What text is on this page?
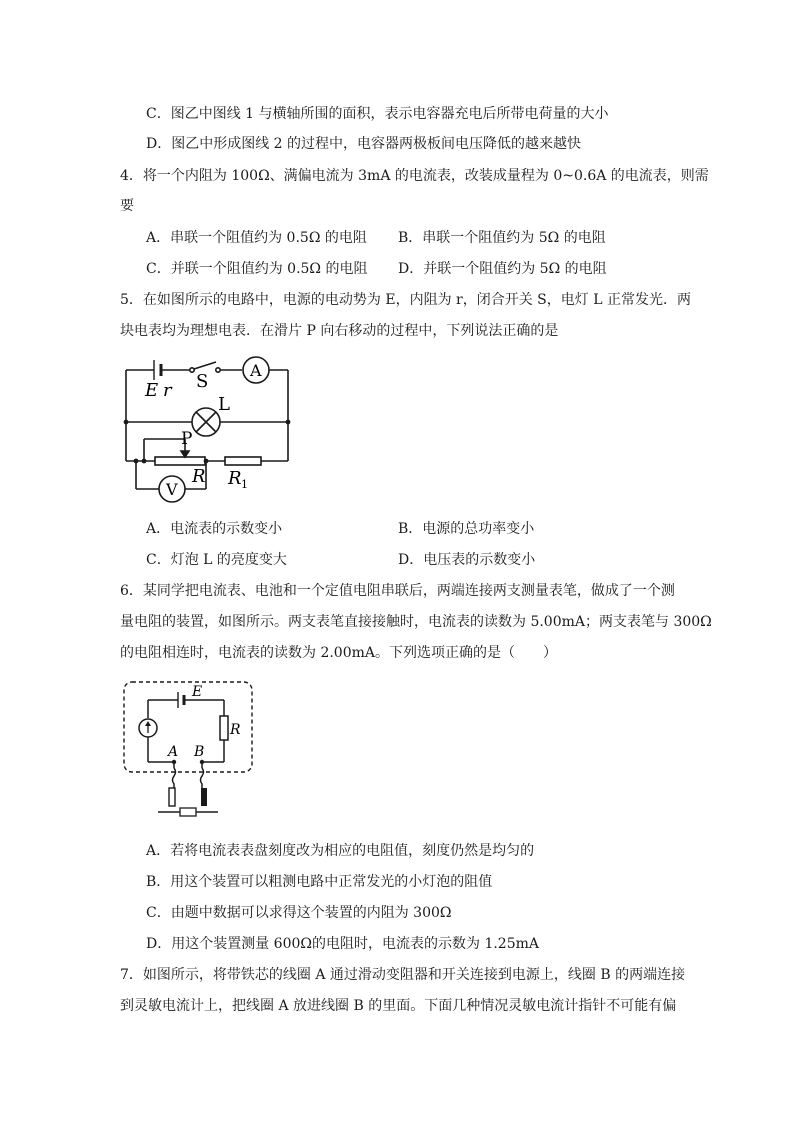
C．图乙中图线 1 与横轴所围的面积，表示电容器充电后所带电荷量的大小
D．图乙中形成图线 2 的过程中，电容器两极板间电压降低的越来越快
4．将一个内阻为 100Ω、满偏电流为 3mA 的电流表，改装成量程为 0~0.6A 的电流表，则需
要
A．串联一个阻值约为 0.5Ω 的电阻 B．串联一个阻值约为 5Ω 的电阻
C．并联一个阻值约为 0.5Ω 的电阻 D．并联一个阻值约为 5Ω 的电阻
5．在如图所示的电路中，电源的电动势为 E，内阻为 r，闭合开关 S，电灯 L 正常发光．两
块电表均为理想电表．在滑片 P 向右移动的过程中，下列说法正确的是
E r S
A
L
P
V
R R 1
A．电流表的示数变小	B．电源的总功率变小
C．灯泡 L 的亮度变大	D．电压表的示数变小
6．某同学把电流表、电池和一个定值电阻串联后，两端连接两支测量表笔，做成了一个测
量电阻的装置，如图所示。两支表笔直接接触时，电流表的读数为 5.00mA；两支表笔与 300Ω
的电阻相连时，电流表的读数为 2.00mA。下列选项正确的是（　　）
E
R
A B
A．若将电流表表盘刻度改为相应的电阻值，刻度仍然是均匀的
B．用这个装置可以粗测电路中正常发光的小灯泡的阻值
C．由题中数据可以求得这个装置的内阻为 300Ω
D．用这个装置测量 600Ω的电阻时，电流表的示数为 1.25mA
7．如图所示，将带铁芯的线圈 A 通过滑动变阻器和开关连接到电源上，线圈 B 的两端连接
到灵敏电流计上，把线圈 A 放进线圈 B 的里面。下面几种情况灵敏电流计指针不可能有偏
